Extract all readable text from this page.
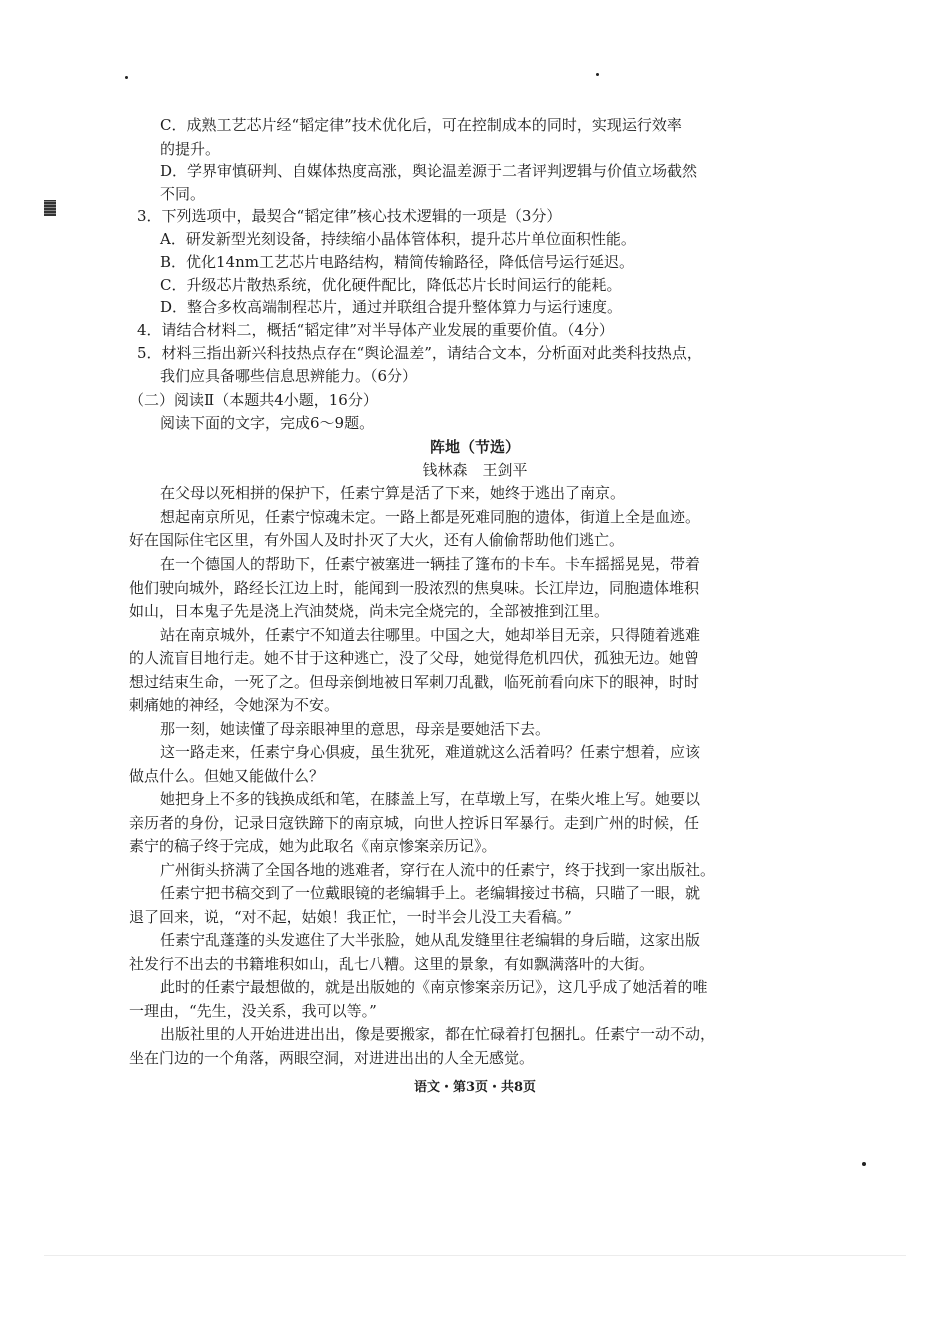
C．成熟工艺芯片经“韬定律”技术优化后，可在控制成本的同时，实现运行效率
的提升。
D．学界审慎研判、自媒体热度高涨，舆论温差源于二者评判逻辑与价值立场截然
不同。
3．下列选项中，最契合“韬定律”核心技术逻辑的一项是（3分）
A．研发新型光刻设备，持续缩小晶体管体积，提升芯片单位面积性能。
B．优化14nm工艺芯片电路结构，精简传输路径，降低信号运行延迟。
C．升级芯片散热系统，优化硬件配比，降低芯片长时间运行的能耗。
D．整合多枚高端制程芯片，通过并联组合提升整体算力与运行速度。
4．请结合材料二，概括“韬定律”对半导体产业发展的重要价值。（4分）
5．材料三指出新兴科技热点存在“舆论温差”，请结合文本，分析面对此类科技热点，
我们应具备哪些信息思辨能力。（6分）
（二）阅读Ⅱ（本题共4小题，16分）
阅读下面的文字，完成6～9题。
阵地（节选）
钱林森　王剑平
在父母以死相拼的保护下，任素宁算是活了下来，她终于逃出了南京。
想起南京所见，任素宁惊魂未定。一路上都是死难同胞的遗体，街道上全是血迹。
好在国际住宅区里，有外国人及时扑灭了大火，还有人偷偷帮助他们逃亡。
在一个德国人的帮助下，任素宁被塞进一辆挂了篷布的卡车。卡车摇摇晃晃，带着
他们驶向城外，路经长江边上时，能闻到一股浓烈的焦臭味。长江岸边，同胞遗体堆积
如山，日本鬼子先是浇上汽油焚烧，尚未完全烧完的，全部被推到江里。
站在南京城外，任素宁不知道去往哪里。中国之大，她却举目无亲，只得随着逃难
的人流盲目地行走。她不甘于这种逃亡，没了父母，她觉得危机四伏，孤独无边。她曾
想过结束生命，一死了之。但母亲倒地被日军刺刀乱戳，临死前看向床下的眼神，时时
刺痛她的神经，令她深为不安。
那一刻，她读懂了母亲眼神里的意思，母亲是要她活下去。
这一路走来，任素宁身心俱疲，虽生犹死，难道就这么活着吗？任素宁想着，应该
做点什么。但她又能做什么？
她把身上不多的钱换成纸和笔，在膝盖上写，在草墩上写，在柴火堆上写。她要以
亲历者的身份，记录日寇铁蹄下的南京城，向世人控诉日军暴行。走到广州的时候，任
素宁的稿子终于完成，她为此取名《南京惨案亲历记》。
广州街头挤满了全国各地的逃难者，穿行在人流中的任素宁，终于找到一家出版社。
任素宁把书稿交到了一位戴眼镜的老编辑手上。老编辑接过书稿，只瞄了一眼，就
退了回来，说，“对不起，姑娘！我正忙，一时半会儿没工夫看稿。”
任素宁乱蓬蓬的头发遮住了大半张脸，她从乱发缝里往老编辑的身后瞄，这家出版
社发行不出去的书籍堆积如山，乱七八糟。这里的景象，有如飘满落叶的大街。
此时的任素宁最想做的，就是出版她的《南京惨案亲历记》，这几乎成了她活着的唯
一理由，“先生，没关系，我可以等。”
出版社里的人开始进进出出，像是要搬家，都在忙碌着打包捆扎。任素宁一动不动，
坐在门边的一个角落，两眼空洞，对进进出出的人全无感觉。
语文・第3页・共8页
